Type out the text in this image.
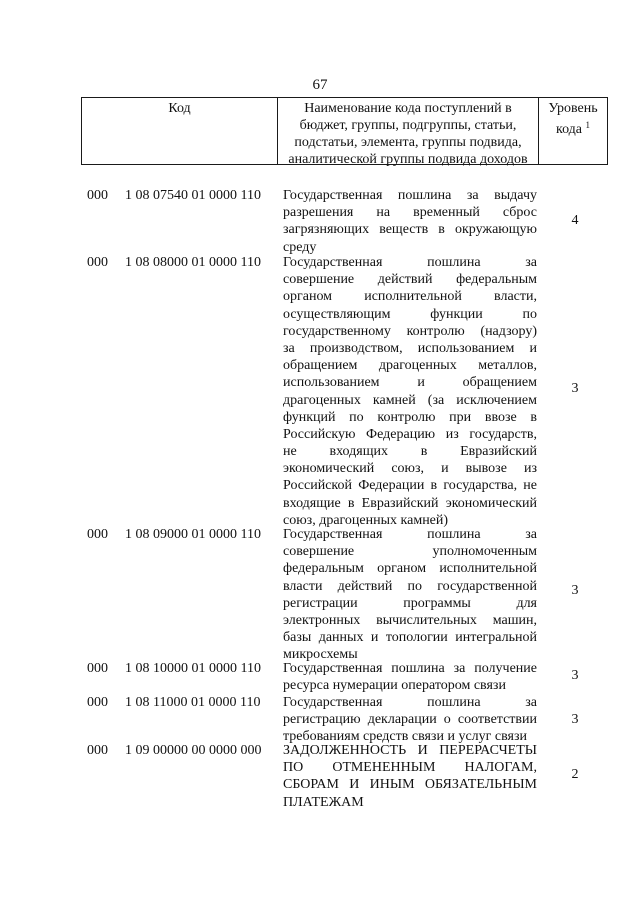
67
Код	Наименование кода поступлений в
бюджет, группы, подгруппы, статьи,
подстатьи, элемента, группы подвида,
аналитической группы подвида доходов
Уровень
кода $^1$
000	1 08 07540 01 0000 110	Государственная пошлина за выдачу
разрешения на временный сброс
загрязняющих веществ в окружающую
среду
4
000	1 08 08000 01 0000 110	Государственная пошлина за
совершение действий федеральным
органом исполнительной власти,
осуществляющим функции по
государственному контролю (надзору)
за производством, использованием и
обращением драгоценных металлов,
использованием и обращением
драгоценных камней (за исключением
функций по контролю при ввозе в
Российскую Федерацию из государств,
не входящих в Евразийский
экономический союз, и вывозе из
Российской Федерации в государства, не
входящие в Евразийский экономический
союз, драгоценных камней)
3
000	1 08 09000 01 0000 110	Государственная пошлина за
совершение уполномоченным
федеральным органом исполнительной
власти действий по государственной
регистрации программы для
электронных вычислительных машин,
базы данных и топологии интегральной
микросхемы
3
000	1 08 10000 01 0000 110	Государственная пошлина за получение
ресурса нумерации оператором связи
3
000	1 08 11000 01 0000 110	Государственная пошлина за
регистрацию декларации о соответствии
требованиям средств связи и услуг связи
3
000	1 09 00000 00 0000 000	ЗАДОЛЖЕННОСТЬ И ПЕРЕРАСЧЕТЫ
ПО ОТМЕНЕННЫМ НАЛОГАМ,
СБОРАМ И ИНЫМ ОБЯЗАТЕЛЬНЫМ
ПЛАТЕЖАМ
2
